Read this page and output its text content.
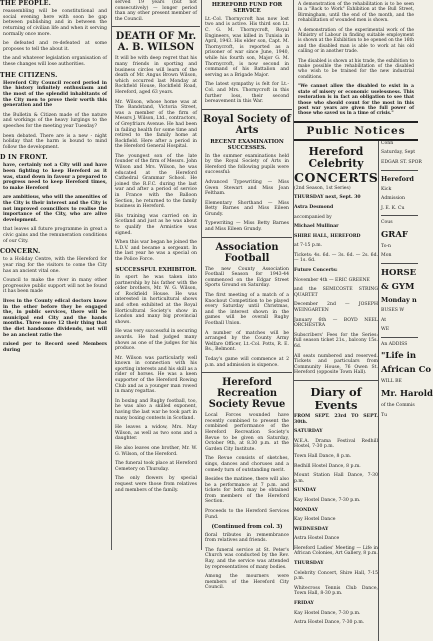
THE PEOPLE.

reassembling will be constitutional and social evening here with soon be gap between publishing and in between the returning of civilian life and when it serving normally once more.

be defeated and re-defeated at some proposes to tell the about it.

the and whatever legislation organisation of these changes will lose authorities.

THE CITIZENS.

Hereford City Council record period in the history infinitely enthusiasm and the most of the splendid inhabitants of the City men to prove their worth this generation and the

the Bulletin & Citizen made of the nature and workings of the heavy lurgings to the speeches for the meeting year Tuesday?

been debated. There are is a new - night holiday that the harm is bound to mind follow the development.

D IN FRONT.

have, certainly not a City will and have been fighting to keep Hereford as it was, stand down in favour a prepared to progress need to keep Hereford times, to make Hereford

are ambitious, who will the amenities of the City is their interest and the City is not improved councillors to realise the importance of the City, who are alive development.

that leaves all future programme in great a civic gains and the remuneration conditions of our City.

CONCERN.

to a Holiday Centre, with the Hereford for year ring for the visitors to come the City has an ancient vital one.

Council to make the river in many other progressive public support will not be found it has been made

lives in the County edical doctors know in the other before they be engaged the, in public services, there will be municipal end City and the hands months. Three more 12 their thing that the diet handsome dividends, not will be an ancient ratio the

raised per to Record seed Members during

served 19 years (but not consecutively) — longer period than any other present member of the Council.

DEATH OF Mr. A. B. WILSON

It will be with deep regret that his many friends in sporting and business circles will learn of the death of Mr. Angus Brown Wilson, which occurred last Monday at Rockfield House, Rockfield Road, Hereford, aged 63 years.

Mr. Wilson, whose home was at The Bandstand, Victoria Street, was a member of the firm of Messrs J. Wilson, Ltd., contractors, of Greyfriars Avenue. He had been in failing health for some time and retired to the family home at Rockfield. Here after a period in the Hereford General Hospital.

The youngest son of the late founder of the firm of Messrs. John Wilson and Mrs. Wilson, he was educated at the Hereford Cathedral Grammar School. He joined the R.F.C. during the last war and after a period of service in France with the Balloon Section, he returned to the family business in Hereford.

His training was carried on in Scotland and just as he was about to qualify the Armistice was signed.

When this war began he joined the L.D.V. and became a sergeant. In the last year he was a special on the Police Force.

SUCCESSFUL EXHIBITOR.

In sport he was taken into partnership by his father with the older brothers, Mr. W. G. Wilson, of Rockfield House. He was interested in horticultural shows and often exhibited at the Royal Horticultural Society's show in London and many big provincial shows.

He was very successful in securing awards. He had judged many shows as one of the judges for his produce.

Mr. Wilson was particularly well known in connection with his sporting interests and his skill as a rider of horses. He was a keen supporter of the Hereford Rowing Club and as a younger man rowed in many regattas.

In boxing and Rugby football, too, he was also a skilled exponent, having the last war he took part in many boxing contests in Scotland.

He leaves a widow, Mrs. May Wilson, as well as two sons and a daughter.

He also leaves one brother, Mr. W. G. Wilson, of the Hereford.

The funeral took place at Hereford Cemetery on Thursday.

The only flowers by special request were those from relatives and members of the family.

HEREFORD FUND FOR SERVICE

Lt.-Col. Thornycroft has now lost two and is active. His third son Lt. C. G. M. Thornycroft, Royal Engineers, was killed in Tunisia in April, 1943. His elder son, Capt. M. Thornycroft, is reported as a prisoner of war since June, 1940, while his fourth son, Major G. M. Thornycroft, is now second in command of his Battalion and serving as a Brigade Major.

The latest sympathy is felt for Lt.-Col. and Mrs. Thornycroft in this further loss, their second bereavement in this War.

Royal Society of Arts
RECENT EXAMINATION SUCCESSES.

In the summer examinations held by the Royal Society of Arts in Hereford the following pupils were successful:

Advanced Typewriting — Miss Gwen Stewart and Miss Joan Feltham.

Elementary Shorthand — Miss Betty Barnes and Miss Eileen Grundy.

Typewriting — Miss Betty Barnes and Miss Eileen Grundy.

Association Football

The new County Association Football Season for 1943-44 commenced on the Edgar Street Sports Ground on Saturday.

The first meeting of a match of a Knockout Competition to be played every Saturday until Christmas, and the interest shown in the games will be overall Rugby Football Union.

A number of matches will be arranged by the County Army Welfare Officer, Lt.-Col. Potts, R. E. Bs., Belmont.

Today's game will commence at 2 p.m. and admission is sixpence.

Hereford Recreation Society Revue

Local Forces wounded have recently combined to present the combined performance of the Hereford Recreation Society's Revue to be given on Saturday, October 9th, at 8.30 p.m. at the Garden City Institute.

The Revue consists of sketches, sings, dances and choruses and a comedy turn of outstanding merit.

Besides the matinee, there will also be a performance at 7 p.m. and tickets for both may be obtained from members of the Hereford Section.

Proceeds to the Hereford Services Fund.

(Continued from col. 3)

floral tributes in remembrance from relatives and friends.

The funeral service at St. Peter's Church was conducted by the Rev. Ray, and the service was attended by representatives of many bodies.

Among the mourners were members of the Hereford City Council.

A demonstration of the rehabilitation is to be seen in a "Back to Work" Exhibition at the Bull Street, Birmingham, until the end of the month, and the rehabilitation of wounded men is shown.

A demonstration of the experimental work of the Ministry of Labour in finding suitable employment is shown at the Exhibition to be opened on the 16th and the disabled man is able to work at his old calling or in another trade.

The disabled is shown at his trade, the exhibition to make possible the rehabilitation of the disabled who wish to be trained for the new industrial conditions.

"We cannot allow the disabled to exist in a state of misery or economic uselessness. This restoration is in fact an obligation to see that those who should count for the most in this post war years are given the full power of those who saved us in a time of crisis."

Public Notices
Hereford Celebrity
CONCERTS

(2nd Season, 1st Series)

THURSDAY next, Sept. 30

Astra Desmond

accompanied by

Michael Mullinar

SHIRE HALL, HEREFORD

at 7-15 p.m.

Tickets: 4s. 6d. — 3s. 6d. — 2s. 6d. — 1s. 6d.

Future Concerts:

November 4th — ERIC GREENE

and the SEMICOSTE STRING QUARTET

December 2nd — JOSEPH WEINGARTEN

January 6th — BOYD NEEL ORCHESTRA

Subscribers' Fees for the Series: full season ticket 21s., balcony 15s. 6d.

All seats numbered and reserved. Tickets and particulars from Community House, 76 Owen St. Hereford (opposite Town Hall).

Diary of Events

FROM SEPT. 23rd TO SEPT. 30th.

SATURDAY

W.E.A. Drama Festival Redhill Hostel, 7-30 p.m.

Town Hall Dance, 8 p.m.

Redhill Hostel Dance, 8 p.m.

Mount Station Hall Dance, 7-30 p.m.

SUNDAY

Kay Hostel Dance, 7-30 p.m.

MONDAY

Kay Hostel Dance

WEDNESDAY

Astra Hostel Dance

Hereford Ladies' Meeting — Life in African Colonies, Art Gallery, 8 p.m.

THURSDAY

Celebrity Concert, Shire Hall, 7-15 p.m.

Whitecross Tennis Club Dance, Town Hall, 8-30 p.m.

FRIDAY

Kay Hostel Dance, 7-30 p.m.

Astra Hostel Dance, 7-30 p.m.

Conn

Saturday, Sept

EDGAR ST. SPOR

Hereford

Kick

Admission

J. E. K. Cu

Cous

GRAF

To-n

Mon

HORSE

& GYM

Monday n

BUSES W

At

WE

An ADDISS

"Life in

African Co

WILL BE

Mr. Harold

of the Commis

Tu
